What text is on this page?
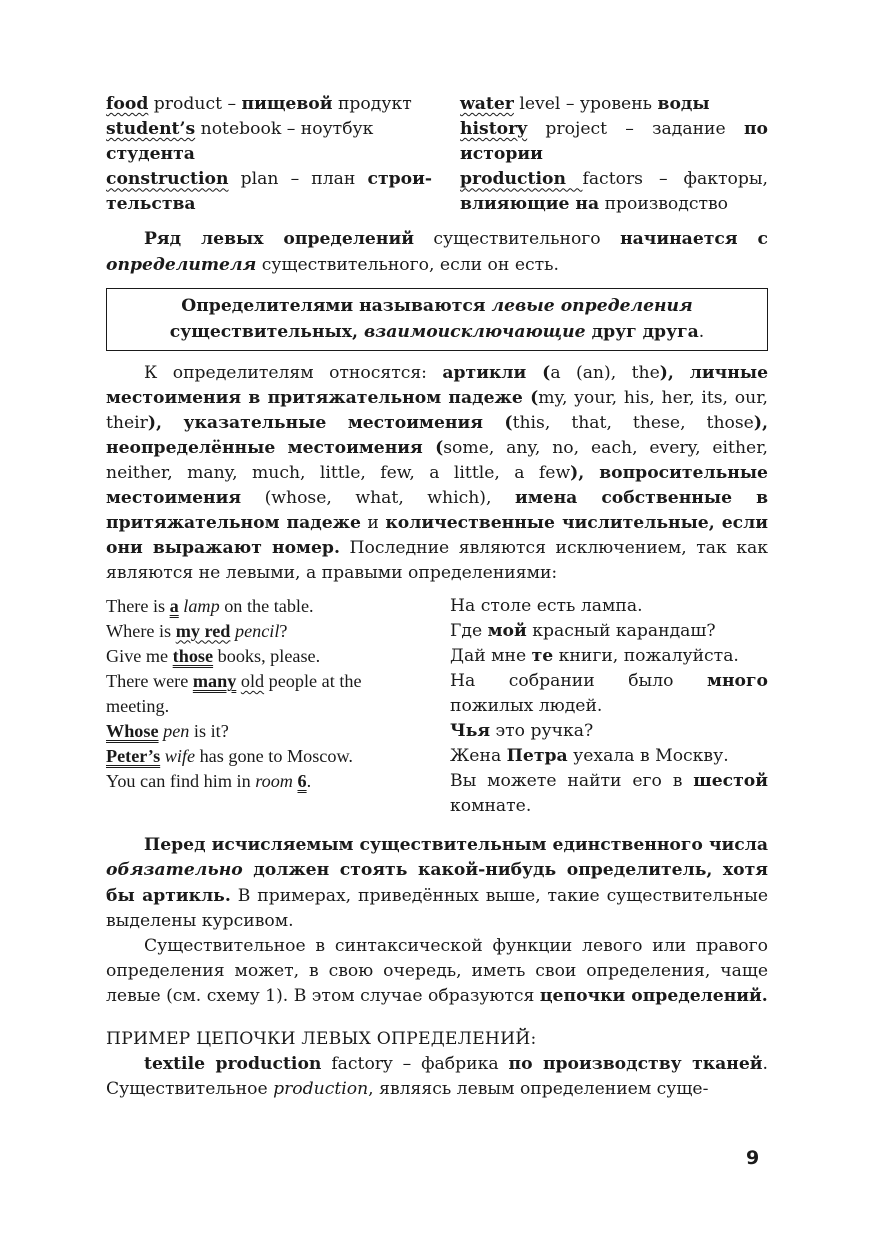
food product – пищевой продукт
student’s notebook – ноутбук студента
construction plan – план строи-тельства
water level – уровень воды
history project – задание по истории
production factors – факторы, влияющие на производство

Ряд левых определений существительного начинается с определителя существительного, если он есть.

Определителями называются левые определения
существительных, взаимоисключающие друг друга.

К определителям относятся: артикли (a (an), the), личные местоимения в притяжательном падеже (my, your, his, her, its, our, their), указательные местоимения (this, that, these, those), неопределённые местоимения (some, any, no, each, every, either, neither, many, much, little, few, a little, a few), вопросительные местоимения (whose, what, which), имена собственные в притяжательном падеже и количественные числительные, если они выражают номер. Последние являются исключением, так как являются не левыми, а правыми определениями:

There is a lamp on the table.
Where is my red pencil?
Give me those books, please.
There were many old people at the meeting.
Whose pen is it?
Peter’s wife has gone to Moscow.
You can find him in room 6.
На столе есть лампа.
Где мой красный карандаш?
Дай мне те книги, пожалуйста.
На собрании было много пожилых людей.
Чья это ручка?
Жена Петра уехала в Москву.
Вы можете найти его в шестой комнате.

Перед исчисляемым существительным единственного числа обязательно должен стоять какой-нибудь определитель, хотя бы артикль. В примерах, приведённых выше, такие существительные выделены курсивом.

Существительное в синтаксической функции левого или правого определения может, в свою очередь, иметь свои определения, чаще левые (см. схему 1). В этом случае образуются цепочки определений.

ПРИМЕР ЦЕПОЧКИ ЛЕВЫХ ОПРЕДЕЛЕНИЙ:

textile production factory – фабрика по производству тканей. Существительное production, являясь левым определением суще-

9
